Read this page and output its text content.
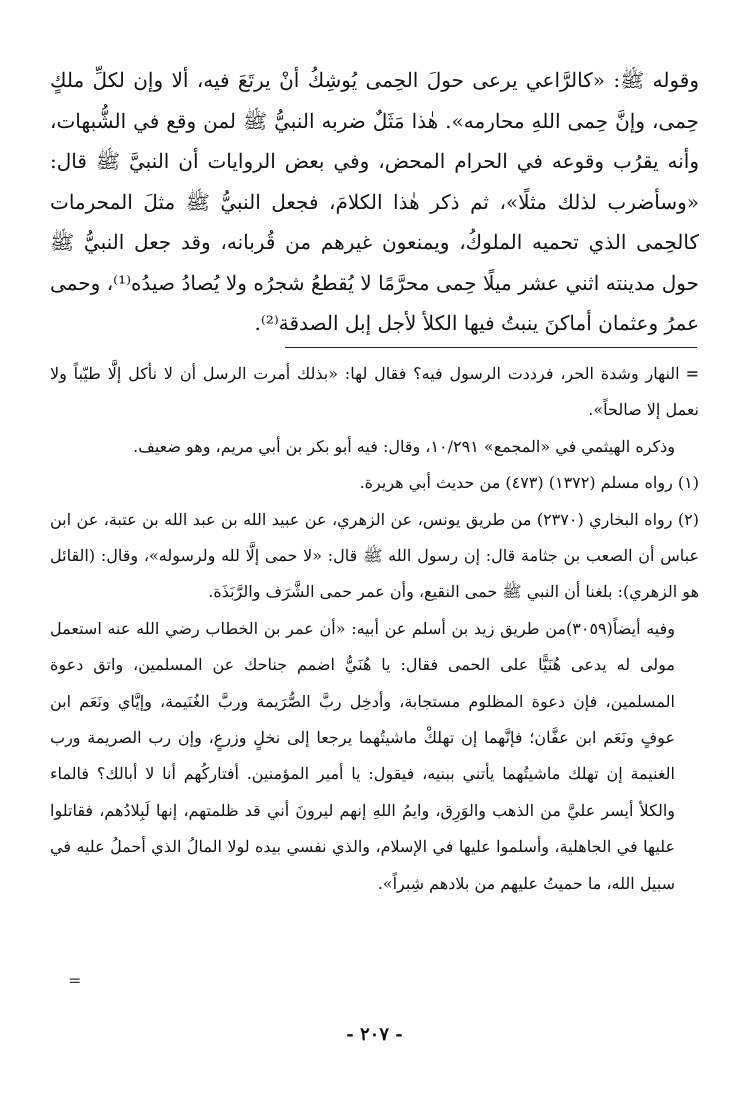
وقوله ﷺ: «كالرَّاعي يرعى حولَ الحِمى يُوشِكُ أنْ يرتَعَ فيه، ألا وإن لكلِّ ملكٍ حِمى، وإنَّ حِمى اللهِ محارمه». هٰذا مَثَلٌ ضربه النبيُّ ﷺ لمن وقع في الشُّبهات، وأنه يقرُب وقوعه في الحرام المحض، وفي بعض الروايات أن النبيَّ ﷺ قال: «وسأضرب لذلك مثلًا»، ثم ذكر هٰذا الكلامَ، فجعل النبيُّ ﷺ مثلَ المحرمات كالحِمى الذي تحميه الملوكُ، ويمنعون غيرهم من قُربانه، وقد جعل النبيُّ ﷺ حول مدينته اثني عشر ميلًا حِمى محرَّمًا لا يُقطعُ شجرُه ولا يُصادُ صيدُه⁽¹⁾، وحمى عمرُ وعثمان أماكنَ ينبتُ فيها الكلأ لأجل إبل الصدقة⁽²⁾.

=النهار وشدة الحر، فرددت الرسول فيه؟ فقال لها: «بذلك أمرت الرسل أن لا نأكل إلَّا طيّباً ولا نعمل إلا صالحاً».

وذكره الهيثمي في «المجمع» ١٠/٢٩١، وقال: فيه أبو بكر بن أبي مريم، وهو ضعيف.

(١) رواه مسلم (١٣٧٢) (٤٧٣) من حديث أبي هريرة.

(٢) رواه البخاري (٢٣٧٠) من طريق يونس، عن الزهري، عن عبيد الله بن عبد الله بن عتبة، عن ابن عباس أن الصعب بن جثامة قال: إن رسول الله ﷺ قال: «لا حمى إلَّا لله ولرسوله»، وقال: (القائل هو الزهري): بلغنا أن النبي ﷺ حمى النقيع، وأن عمر حمى الشَّرَف والرَّبَذَة.

وفيه أيضاً(٣٠٥٩)من طريق زيد بن أسلم عن أبيه: «أن عمر بن الخطاب رضي الله عنه استعمل مولى له يدعى هُنَيًّا على الحمى فقال: يا هُنَيُّ اضمم جناحك عن المسلمين، واتق دعوة المسلمين، فإن دعوة المظلوم مستجابة، وأدخِل ربَّ الصُّرَيمة وربَّ الغُنَيمة، وإيَّاي ونَعَم ابن عوفٍ ونَعَم ابن عفَّان؛ فإنَّهما إن تهلكْ ماشيتُهما يرجعا إلى نخلٍ وزرعٍ، وإن رب الصريمة ورب الغنيمة إن تهلك ماشيتُهما يأتني ببنيه، فيقول: يا أمير المؤمنين. أفتاركُهم أنا لا أبالك؟ فالماء والكلأ أيسر عليَّ من الذهب والوَرِق، وايمُ اللهِ إنهم ليرونَ أني قد ظلمتهم، إنها لَبِلادُهم، فقاتلوا عليها في الجاهلية، وأسلموا عليها في الإسلام، والذي نفسي بيده لولا المالُ الذي أحملُ عليه في سبيل الله، ما حميتُ عليهم من بلادهم شِبراً».

=
- ٢٠٧ -
